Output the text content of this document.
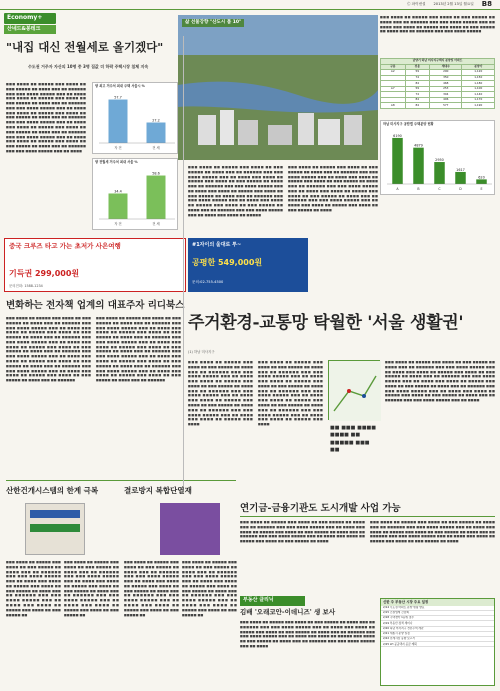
Ⓒ 파이낸셜 2013년 2월 13일 월요일 B8
Economy+
산네드&봉테크
"내집 대신 전월세로 올기겠다"
수도권 거주자 자산의 10명 중 3명 집값 더 하락 주택시장 침체 지속
■■■ ■■■■ ■■ ■■■■■ ■■■ ■■■■ ■■ ■■■ ■■■■■ ■■ ■■■■ ■■■ ■■ ■■■■■■ ■■■ ■■■ ■■■■ ■■■■■ ■■■ ■■ ■■■■ ■■■ ■■■■ ■■ ■■■■■ ■■■ ■■■■ ■■ ■■■ ■■■■■ ■■ ■■■■ ■■■ ■■ ■■■■■■ ■■■ ■■■ ■■■■ ■■■■■ ■■■ ■■ ■■■■ ■■■ ■■■■ ■■ ■■■■■ ■■■ ■■■■ ■■ ■■■ ■■■■■ ■■ ■■■■ ■■■ ■■ ■■■■■■ ■■■ ■■■ ■■■■ ■■■■■ ■■■ ■■ ■■■■ ■■■ ■■■■ ■■ ■■■■■ ■■■ ■■■■ ■■ ■■■ ■■■■■ ■■ ■■■■ ■■■ ■■ ■■■■■■ ■■■ ■■■ ■■■■ ■■■■■ ■■■ ■■ ■■■■ ■■■ ■■■■ ■■ ■■■■■ ■■■ ■■■■ ■■ ■■■ ■■■■■ ■■ ■■■■ ■■■ ■■ ■■■■■■ ■■■ ■■■ ■■■■ ■■■■■ ■■■ ■■ ■■■■
향 최고 거주처 최대 주택 서울시 %
57.7
자 전
27.2
전 세
향 전월세 거주처 최대 서울 %
34.4
자 전
58.6
전 세
삶 선물강향 "산도시 톱 10"
■■■ ■■■■ ■■ ■■■■■ ■■■ ■■■■ ■■ ■■■ ■■■■■ ■■ ■■■■ ■■■ ■■ ■■■■■■ ■■■ ■■■ ■■■■ ■■■■■ ■■■ ■■ ■■■■ ■■■ ■■■■ ■■ ■■■■■ ■■■ ■■■■ ■■ ■■■ ■■■■■ ■■ ■■■■ ■■■ ■■ ■■■■■■ ■■■ ■■■ ■■■■ ■■■■■
남양기 하남 미사지구택지 분양일 아파트			
구분	전용	세대수	분양가
A2	59	290	1,120
	74	350	1,150
	84	468	1,180
A7	59	253	1,100
	74	304	1,140
	84	406	1,170
A8	84	577	1,190
하남 미사지구 공람별 주택분양 현황
6190
A
4879
B
2950
C
1617
D
620
E
■■■ ■■■■ ■■ ■■■■■ ■■■ ■■■■ ■■ ■■■ ■■■■■ ■■ ■■■■ ■■■ ■■ ■■■■■■ ■■■ ■■■ ■■■■ ■■■■■ ■■■ ■■ ■■■■ ■■■ ■■■■ ■■ ■■■■■ ■■■ ■■■■ ■■ ■■■ ■■■■■ ■■ ■■■■ ■■■ ■■ ■■■■■■ ■■■ ■■■ ■■■■ ■■■■■ ■■■ ■■ ■■■■ ■■■ ■■■■ ■■ ■■■■■ ■■■ ■■■■ ■■ ■■■ ■■■■■ ■■ ■■■■ ■■■ ■■ ■■■■■■ ■■■ ■■■ ■■■■ ■■■■■ ■■■ ■■ ■■■■ ■■■ ■■■■ ■■ ■■■■■ ■■■ ■■■■ ■■ ■■■ ■■■■■ ■■ ■■■■ ■■■ ■■ ■■■■■■ ■■■ ■■■ ■■■■ ■■■■■ ■■■ ■■ ■■■■ ■■■ ■■■■ ■■ ■■■■■
■■■ ■■■■ ■■ ■■■■■ ■■■ ■■■■ ■■ ■■■ ■■■■■ ■■ ■■■■ ■■■ ■■ ■■■■■■ ■■■ ■■■ ■■■■ ■■■■■ ■■■ ■■ ■■■■ ■■■ ■■■■ ■■ ■■■■■ ■■■ ■■■■ ■■ ■■■ ■■■■■ ■■ ■■■■ ■■■ ■■ ■■■■■■ ■■■ ■■■ ■■■■ ■■■■■ ■■■ ■■ ■■■■ ■■■ ■■■■ ■■ ■■■■■ ■■■ ■■■■ ■■ ■■■ ■■■■■ ■■ ■■■■ ■■■ ■■ ■■■■■■ ■■■ ■■■ ■■■■ ■■■■■ ■■■ ■■ ■■■■ ■■■ ■■■■ ■■ ■■■■■ ■■■ ■■■■ ■■ ■■■ ■■■■■ ■■ ■■■■
주거환경-교통망 탁월한 '서울 생활권'
(1) 하남 미사지구
중국 크루즈 타고 가는 초저가 사은여행
기득권 299,000원
문의전화: 1588-1234
#1자이의 울대로 투~
공평한 549,000원
문의:02-755-4500
변화하는 전자책 업계의 대표주자 리디북스
■■■ ■■■■ ■■ ■■■■■ ■■■ ■■■■ ■■ ■■■ ■■■■■ ■■ ■■■■ ■■■ ■■ ■■■■■■ ■■■ ■■■ ■■■■ ■■■■■ ■■■ ■■ ■■■■ ■■■ ■■■■ ■■ ■■■■■ ■■■ ■■■■ ■■ ■■■ ■■■■■ ■■ ■■■■ ■■■ ■■ ■■■■■■ ■■■ ■■■ ■■■■ ■■■■■ ■■■ ■■ ■■■■ ■■■ ■■■■ ■■ ■■■■■ ■■■ ■■■■ ■■ ■■■ ■■■■■ ■■ ■■■■ ■■■ ■■ ■■■■■■ ■■■ ■■■ ■■■■ ■■■■■ ■■■ ■■ ■■■■ ■■■ ■■■■ ■■ ■■■■■ ■■■ ■■■■ ■■ ■■■ ■■■■■ ■■ ■■■■ ■■■ ■■ ■■■■■■ ■■■ ■■■ ■■■■ ■■■■■ ■■■ ■■ ■■■■ ■■■ ■■■■ ■■ ■■■■■ ■■■ ■■■■ ■■ ■■■ ■■■■■ ■■ ■■■■ ■■■ ■■ ■■■■■■
■■■ ■■■■ ■■ ■■■■■ ■■■ ■■■■ ■■ ■■■ ■■■■■ ■■ ■■■■ ■■■ ■■ ■■■■■■ ■■■ ■■■ ■■■■ ■■■■■ ■■■ ■■ ■■■■ ■■■ ■■■■ ■■ ■■■■■ ■■■ ■■■■ ■■ ■■■ ■■■■■ ■■ ■■■■ ■■■ ■■ ■■■■■■ ■■■ ■■■ ■■■■ ■■■■■ ■■■ ■■ ■■■■ ■■■ ■■■■ ■■ ■■■■■ ■■■ ■■■■ ■■ ■■■ ■■■■■ ■■ ■■■■ ■■■ ■■ ■■■■■■ ■■■ ■■■ ■■■■ ■■■■■ ■■■ ■■ ■■■■ ■■■ ■■■■ ■■ ■■■■■ ■■■ ■■■■ ■■ ■■■ ■■■■■ ■■ ■■■■ ■■■ ■■ ■■■■■■ ■■■ ■■■ ■■■■ ■■■■■ ■■■ ■■ ■■■■ ■■■ ■■■■ ■■ ■■■■■ ■■■ ■■■■ ■■ ■■■ ■■■■■ ■■ ■■■■ ■■■ ■■ ■■■■■■
■■■ ■■■■ ■■ ■■■■■ ■■■ ■■■■ ■■ ■■■ ■■■■■ ■■ ■■■■ ■■■ ■■ ■■■■■■ ■■■ ■■■ ■■■■ ■■■■■ ■■■ ■■ ■■■■ ■■■ ■■■■ ■■ ■■■■■ ■■■ ■■■■ ■■ ■■■ ■■■■■ ■■ ■■■■ ■■■ ■■ ■■■■■■ ■■■ ■■■ ■■■■ ■■■■■ ■■■ ■■ ■■■■ ■■■ ■■■■ ■■ ■■■■■ ■■■ ■■■■ ■■ ■■■ ■■■■■ ■■ ■■■■ ■■■ ■■ ■■■■■■ ■■■ ■■■ ■■■■ ■■■■■ ■■■ ■■ ■■■■ ■■■ ■■■■ ■■ ■■■■■ ■■■ ■■■■
■■■ ■■■■ ■■ ■■■■■ ■■■ ■■■■ ■■ ■■■ ■■■■■ ■■ ■■■■ ■■■ ■■ ■■■■■■ ■■■ ■■■ ■■■■ ■■■■■ ■■■ ■■ ■■■■ ■■■ ■■■■ ■■ ■■■■■ ■■■ ■■■■ ■■ ■■■ ■■■■■ ■■ ■■■■ ■■■ ■■ ■■■■■■ ■■■ ■■■ ■■■■ ■■■■■ ■■■ ■■ ■■■■ ■■■ ■■■■ ■■ ■■■■■ ■■■ ■■■■ ■■ ■■■ ■■■■■ ■■ ■■■■ ■■■ ■■ ■■■■■■ ■■■ ■■■ ■■■■ ■■■■■ ■■■ ■■ ■■■■ ■■■ ■■■■ ■■ ■■■■■ ■■■ ■■■■
■■ ■■■ ■■■■ ■■■■ ■■ ■■■■■ ■■■ ■■
■■■ ■■■■ ■■ ■■■■■ ■■■ ■■■■ ■■ ■■■ ■■■■■ ■■ ■■■■ ■■■ ■■ ■■■■■■ ■■■ ■■■ ■■■■ ■■■■■ ■■■ ■■ ■■■■ ■■■ ■■■■ ■■ ■■■■■ ■■■ ■■■■ ■■ ■■■ ■■■■■ ■■ ■■■■ ■■■ ■■ ■■■■■■ ■■■ ■■■ ■■■■ ■■■■■ ■■■ ■■ ■■■■ ■■■ ■■■■ ■■ ■■■■■ ■■■ ■■■■ ■■ ■■■ ■■■■■ ■■ ■■■■ ■■■ ■■ ■■■■■■ ■■■ ■■■ ■■■■ ■■■■■ ■■■ ■■ ■■■■ ■■■ ■■■■ ■■ ■■■■■ ■■■ ■■■■ ■■ ■■■ ■■■■■ ■■ ■■■■ ■■■ ■■ ■■■■■■ ■■■ ■■■ ■■■■ ■■■■■ ■■■ ■■ ■■■■
연기금-금융기관도 도시개발 사업 가능
■■■ ■■■■ ■■ ■■■■■ ■■■ ■■■■ ■■ ■■■ ■■■■■ ■■ ■■■■ ■■■ ■■ ■■■■■■ ■■■ ■■■ ■■■■ ■■■■■ ■■■ ■■ ■■■■ ■■■ ■■■■ ■■ ■■■■■ ■■■ ■■■■ ■■ ■■■ ■■■■■ ■■ ■■■■ ■■■ ■■ ■■■■■■ ■■■ ■■■ ■■■■ ■■■■■ ■■■ ■■ ■■■■ ■■■ ■■■■ ■■ ■■■■■ ■■■ ■■■■ ■■ ■■■ ■■■■■ ■■ ■■■■
■■■ ■■■■ ■■ ■■■■■ ■■■ ■■■■ ■■ ■■■ ■■■■■ ■■ ■■■■ ■■■ ■■ ■■■■■■ ■■■ ■■■ ■■■■ ■■■■■ ■■■ ■■ ■■■■ ■■■ ■■■■ ■■ ■■■■■ ■■■ ■■■■ ■■ ■■■ ■■■■■ ■■ ■■■■ ■■■ ■■ ■■■■■■ ■■■ ■■■ ■■■■ ■■■■■ ■■■ ■■ ■■■■ ■■■ ■■■■ ■■ ■■■■■ ■■■ ■■■■ ■■ ■■■ ■■■■■ ■■ ■■■■
산한건개시스템의 한계 극복	결로방지 복합단열재
■■■ ■■■■ ■■ ■■■■■ ■■■ ■■■■ ■■ ■■■ ■■■■■ ■■ ■■■■ ■■■ ■■ ■■■■■■ ■■■ ■■■ ■■■■ ■■■■■ ■■■ ■■ ■■■■ ■■■ ■■■■ ■■ ■■■■■ ■■■ ■■■■ ■■ ■■■ ■■■■■ ■■ ■■■■ ■■■ ■■ ■■■■■■ ■■■ ■■■ ■■■■ ■■■■■ ■■■ ■■ ■■■■ ■■■ ■■■■ ■■ ■■■■■ ■■■ ■■■■ ■■ ■■■ ■■■■■ ■■
■■■ ■■■■ ■■ ■■■■■ ■■■ ■■■■ ■■ ■■■ ■■■■■ ■■ ■■■■ ■■■ ■■ ■■■■■■ ■■■ ■■■ ■■■■ ■■■■■ ■■■ ■■ ■■■■ ■■■ ■■■■ ■■ ■■■■■ ■■■ ■■■■ ■■ ■■■ ■■■■■ ■■ ■■■■ ■■■ ■■ ■■■■■■ ■■■ ■■■ ■■■■ ■■■■■ ■■■ ■■ ■■■■ ■■■ ■■■■ ■■ ■■■■■ ■■■ ■■■■ ■■ ■■■ ■■■■■ ■■
■■■ ■■■■ ■■ ■■■■■ ■■■ ■■■■ ■■ ■■■ ■■■■■ ■■ ■■■■ ■■■ ■■ ■■■■■■ ■■■ ■■■ ■■■■ ■■■■■ ■■■ ■■ ■■■■ ■■■ ■■■■ ■■ ■■■■■ ■■■ ■■■■ ■■ ■■■ ■■■■■ ■■ ■■■■ ■■■ ■■ ■■■■■■ ■■■ ■■■ ■■■■ ■■■■■ ■■■ ■■ ■■■■ ■■■ ■■■■ ■■ ■■■■■ ■■■ ■■■■ ■■ ■■■ ■■■■■ ■■
■■■ ■■■■ ■■ ■■■■■ ■■■ ■■■■ ■■ ■■■ ■■■■■ ■■ ■■■■ ■■■ ■■ ■■■■■■ ■■■ ■■■ ■■■■ ■■■■■ ■■■ ■■ ■■■■ ■■■ ■■■■ ■■ ■■■■■ ■■■ ■■■■ ■■ ■■■ ■■■■■ ■■ ■■■■ ■■■ ■■ ■■■■■■ ■■■ ■■■ ■■■■ ■■■■■ ■■■ ■■ ■■■■ ■■■ ■■■■ ■■ ■■■■■ ■■■ ■■■■ ■■ ■■■ ■■■■■ ■■
부동산 클리닉
김배 '오래코안-이데니즈' 생 보사
■■■ ■■■■ ■■ ■■■■■ ■■■ ■■■■ ■■ ■■■ ■■■■■ ■■ ■■■■ ■■■ ■■ ■■■■■■ ■■■ ■■■ ■■■■ ■■■■■ ■■■ ■■ ■■■■ ■■■ ■■■■ ■■ ■■■■■ ■■■ ■■■■ ■■ ■■■ ■■■■■ ■■ ■■■■ ■■■ ■■ ■■■■■■ ■■■ ■■■ ■■■■ ■■■■■ ■■■ ■■ ■■■■ ■■■ ■■■■ ■■ ■■■■■ ■■■ ■■■■ ■■ ■■■ ■■■■■ ■■ ■■■■ ■■■ ■■ ■■■■■■ ■■■ ■■■ ■■■■ ■■■■■ ■■■ ■■ ■■■■
신한 주 부동산 시장 주요 일정
2/14 수도권 아파트 분양 현황 발표
2/15 건설업계 간담회
2/18 주택청약 1순위 접수
2/19 부동산 정책 세미나
2/20 하남 미사지구 견본주택 개관
2/21 세종시 분양 일정
2/22 전세시장 동향 보고서
2/25 LH 공공택지 공급 계획
